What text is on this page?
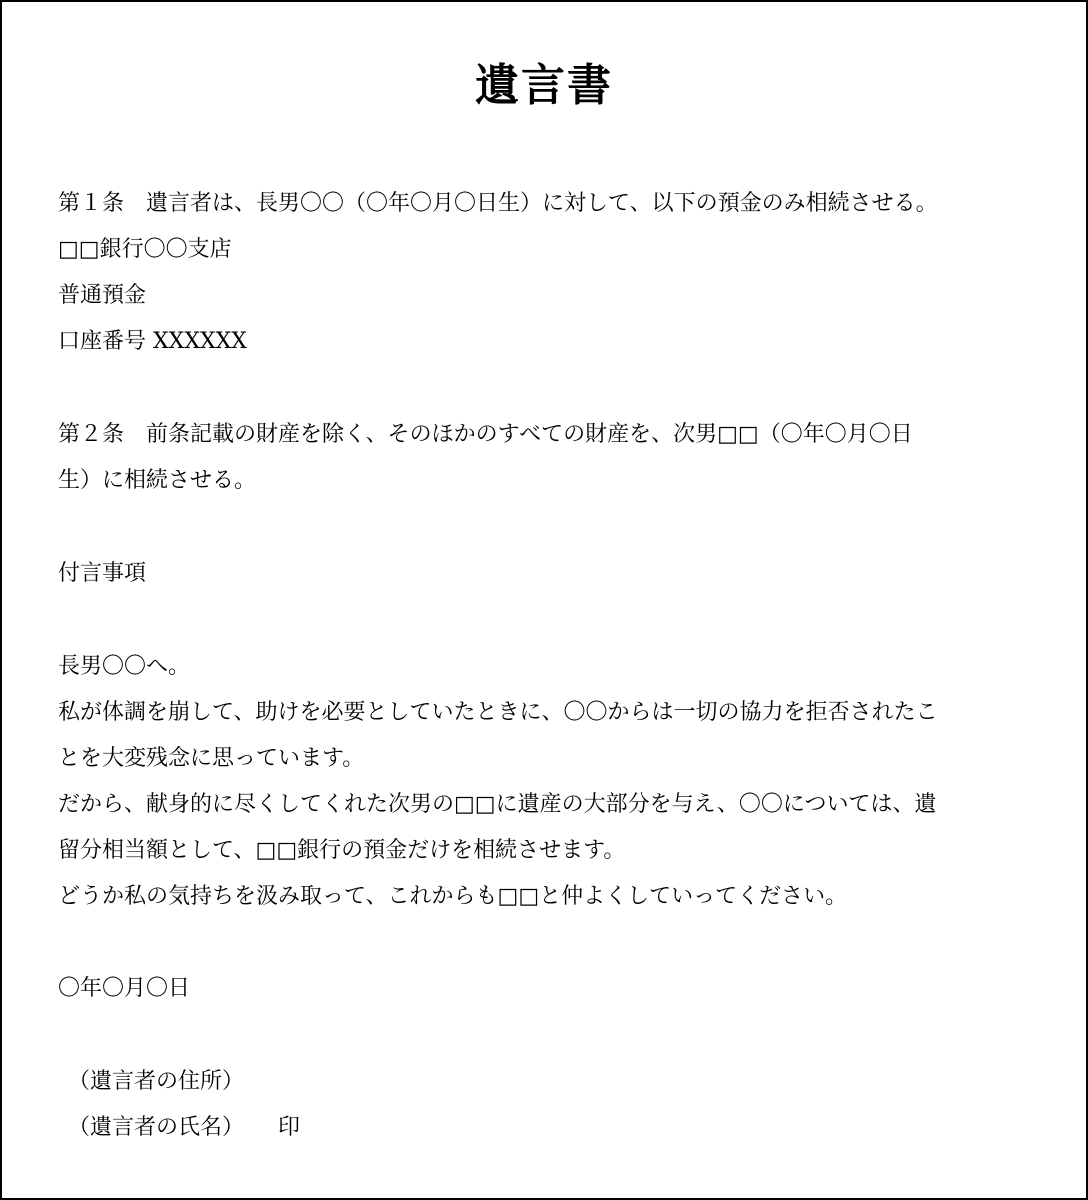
遺言書
第１条 遺言者は、長男〇〇（〇年〇月〇日生）に対して、以下の預金のみ相続させる。
□□銀行〇〇支店
普通預金
口座番号 XXXXXX
第２条 前条記載の財産を除く、そのほかのすべての財産を、次男□□（〇年〇月〇日
生）に相続させる。
付言事項
長男〇〇へ。
私が体調を崩して、助けを必要としていたときに、〇〇からは一切の協力を拒否されたこ
とを大変残念に思っています。
だから、献身的に尽くしてくれた次男の□□に遺産の大部分を与え、〇〇については、遺
留分相当額として、□□銀行の預金だけを相続させます。
どうか私の気持ちを汲み取って、これからも□□と仲よくしていってください。
〇年〇月〇日
（遺言者の住所）
（遺言者の氏名） 印
